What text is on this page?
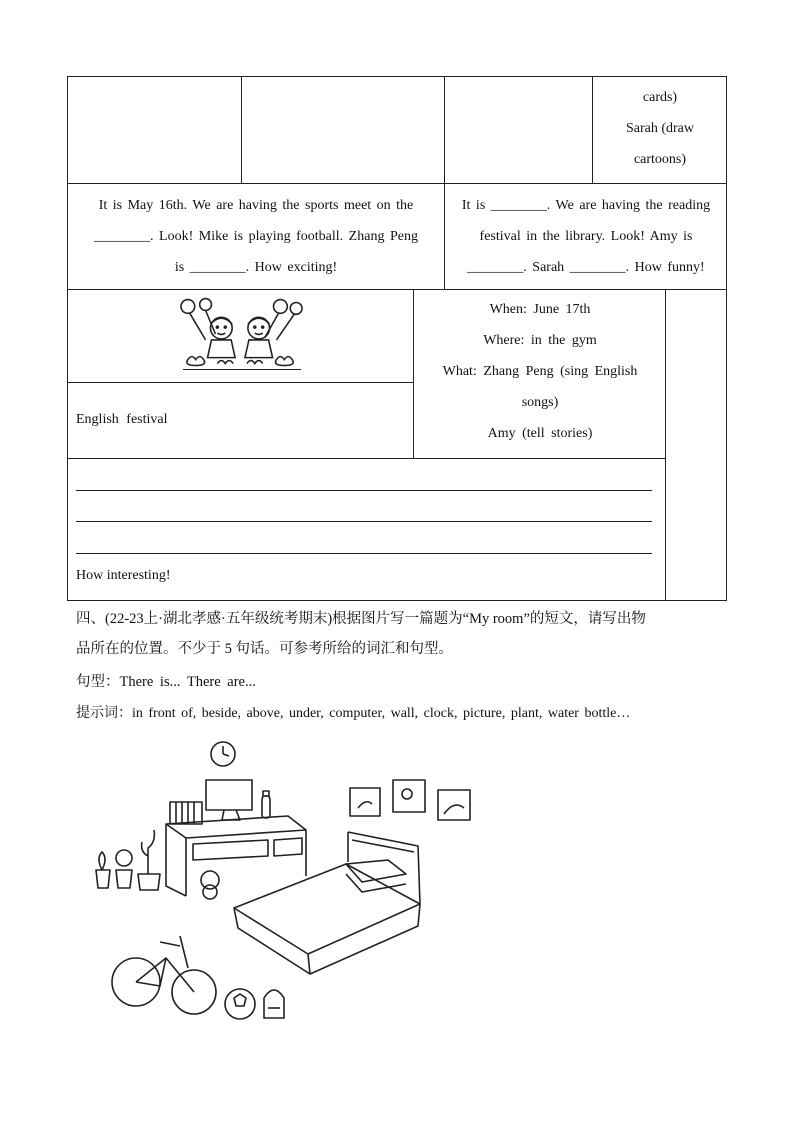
cards)
Sarah (draw
cartoons)
It is May 16th. We are having the sports meet on the
________. Look! Mike is playing football. Zhang Peng
is ________. How exciting!
It is ________. We are having the reading
festival in the library. Look! Amy is
________. Sarah ________. How funny!
English festival
When: June 17th
Where: in the gym
What: Zhang Peng (sing English
songs)
Amy (tell stories)
How interesting!
四、(22-23上·湖北孝感·五年级统考期末)根据图片写一篇题为“My room”的短文，请写出物
品所在的位置。不少于 5 句话。可参考所给的词汇和句型。
句型：There is... There are...
提示词：in front of, beside, above, under, computer, wall, clock, picture, plant, water bottle…
